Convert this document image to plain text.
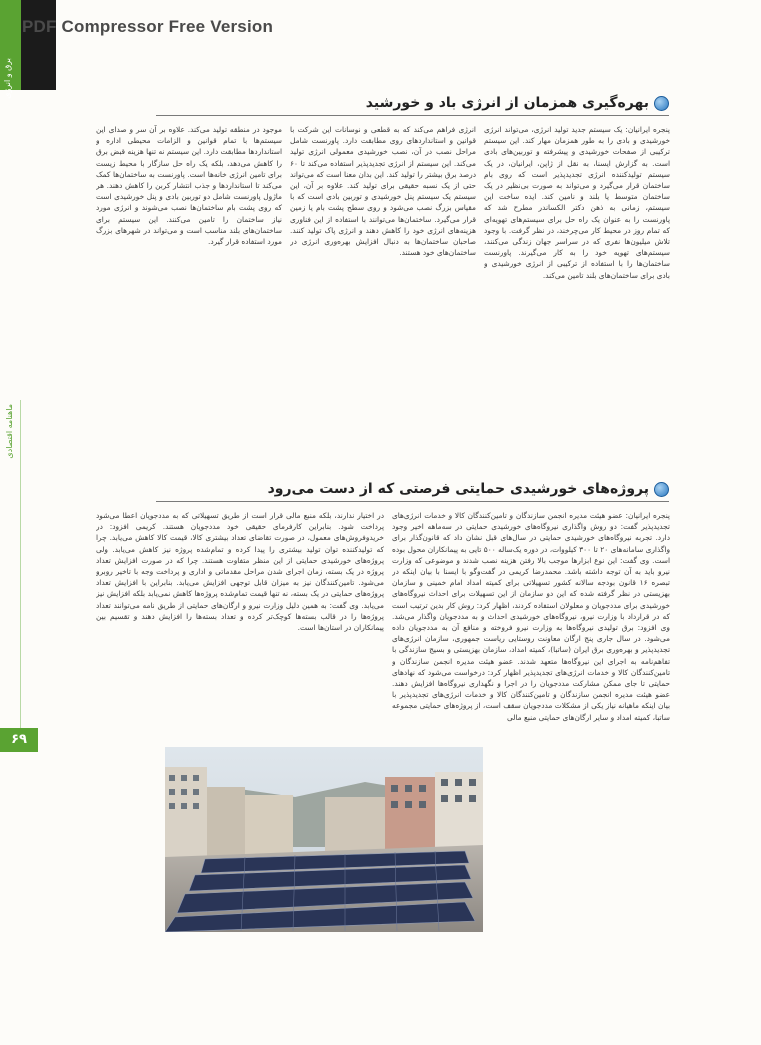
PDF Compressor Free Version

برق و انرژی
ماهنامه اقتصادی
۶۹
بهره‌گیری همزمان از انرژی باد و خورشید

پنجره ایرانیان: یک سیستم جدید تولید انرژی، می‌تواند انرژی خورشیدی و بادی را به طور همزمان مهار کند. این سیستم ترکیبی از صفحات خورشیدی و پیشرفته و توربین‌های بادی است. به گزارش ایسنا، به نقل از ژاپن، ایرانیان، در یک سیستم تولیدکننده انرژی تجدیدپذیر است که روی بام ساختمان قرار می‌گیرد و می‌تواند به صورت بی‌نظیر در یک ساختمان متوسط یا بلند و نامین کند. ایده ساخت این سیستم، زمانی به ذهن دکتر الکساندر مطرح شد که پاورنست را به عنوان یک راه حل برای سیستم‌های تهویه‌ای که تمام روز در محیط کار می‌چرخند، در نظر گرفت. با وجود تلاش میلیون‌ها نفری که در سراسر جهان زندگی می‌کنند، سیستم‌های تهویه خود را به کار می‌گیرند. پاورنست ساختمان‌ها را با استفاده از ترکیبی از انرژی خورشیدی و بادی برای ساختمان‌های بلند تامین می‌کند.

انرژی فراهم می‌کند که به قطعی و نوسانات این شرکت با قوانین و استانداردهای روی مطابقت دارد. پاورنست شامل مراحل نصب در آن، نصب خورشیدی معمولی انرژی تولید می‌کند. این سیستم از انرژی تجدیدپذیر استفاده می‌کند تا ۶۰ درصد برق بیشتر را تولید کند. این بدان معنا است که می‌تواند حتی از یک نسبه حقیقی برای تولید کند. علاوه بر آن، این سیستم یک سیستم پنل خورشیدی و توربین بادی است که با مقیاس بزرگ نصب می‌شود و روی سطح پشت بام یا زمین قرار می‌گیرد. ساختمان‌ها می‌توانند با استفاده از این فناوری هزینه‌های انرژی خود را کاهش دهند و انرژی پاک تولید کنند. صاحبان ساختمان‌ها به دنبال افزایش بهره‌وری انرژی در ساختمان‌های خود هستند.

موجود در منطقه تولید می‌کند. علاوه بر آن سر و صدای این سیستم‌ها با تمام قوانین و الزامات محیطی اداره و استانداردها مطابقت دارد. این سیستم نه تنها هزینه قبض برق را کاهش می‌دهد، بلکه یک راه حل سازگار با محیط زیست برای تامین انرژی خانه‌ها است. پاورنست به ساختمان‌ها کمک می‌کند تا استانداردها و جذب انتشار کربن را کاهش دهند. هر ماژول پاورنست شامل دو توربین بادی و پنل خورشیدی است که روی پشت بام ساختمان‌ها نصب می‌شوند و انرژی مورد نیاز ساختمان را تامین می‌کنند. این سیستم برای ساختمان‌های بلند مناسب است و می‌تواند در شهرهای بزرگ مورد استفاده قرار گیرد.

پروژه‌های خورشیدی حمایتی فرصتی که از دست می‌رود

پنجره ایرانیان: عضو هیئت مدیره انجمن سازندگان و تامین‌کنندگان کالا و خدمات انرژی‌های تجدیدپذیر گفت: دو روش واگذاری نیروگاه‌های خورشیدی حمایتی در سه‌ماهه اخیر وجود دارد. تجربه نیروگاه‌های خورشیدی حمایتی در سال‌های قبل نشان داد که قانون‌گذار برای واگذاری سامانه‌های ۲۰ تا ۳۰۰ کیلووات، در دوره یک‌ساله ۵۰۰ تایی به پیمانکاران محول بوده است. وی گفت: این نوع ابزارها موجب بالا رفتن هزینه نصب شدند و موضوعی که وزارت نیرو باید به آن توجه داشته باشد. محمدرضا کریمی در گفت‌وگو با ایسنا با بیان اینکه در تبصره ۱۶ قانون بودجه سالانه کشور تسهیلاتی برای کمیته امداد امام خمینی و سازمان بهزیستی در نظر گرفته شده که این دو سازمان از این تسهیلات برای احداث نیروگاه‌های خورشیدی برای مددجویان و معلولان استفاده کردند، اظهار کرد: روش کار بدین ترتیب است که در قرارداد با وزارت نیرو، نیروگاه‌های خورشیدی احداث و به مددجویان واگذار می‌شد. وی افزود: برق تولیدی نیروگاه‌ها به وزارت نیرو فروخته و منافع آن به مددجویان داده می‌شود. در سال جاری پنج ارگان معاونت روستایی ریاست جمهوری، سازمان انرژی‌های تجدیدپذیر و بهره‌وری برق ایران (ساتبا)، کمیته امداد، سازمان بهزیستی و بسیج سازندگی با تفاهم‌نامه به اجرای این نیروگاه‌ها متعهد شدند. عضو هیئت مدیره انجمن سازندگان و تامین‌کنندگان کالا و خدمات انرژی‌های تجدیدپذیر اظهار کرد: درخواست می‌شود که نهادهای حمایتی تا جای ممکن مشارکت مددجویان را در اجرا و نگهداری نیروگاه‌ها افزایش دهند. عضو هیئت مدیره انجمن سازندگان و تامین‌کنندگان کالا و خدمات انرژی‌های تجدیدپذیر با بیان اینکه ماهیانه نیاز یکی از مشکلات مددجویان سقف است، از پروژه‌های حمایتی مجموعه ساتبا، کمیته امداد و سایر ارگان‌های حمایتی منبع مالی

در اختیار ندارند، بلکه منبع مالی قرار است از طریق تسهیلاتی که به مددجویان اعطا می‌شود پرداخت شود. بنابراین کارفرمای حقیقی خود مددجویان هستند. کریمی افزود: در خریدوفروش‌های معمول، در صورت تقاضای تعداد بیشتری کالا، قیمت کالا کاهش می‌یابد. چرا که تولیدکننده توان تولید بیشتری را پیدا کرده و تمام‌شده پروژه نیز کاهش می‌یابد. ولی پروژه‌های خورشیدی حمایتی از این منظر متفاوت هستند. چرا که در صورت افزایش تعداد پروژه در یک بسته، زمان اجرای شدن مراحل مقدماتی و اداری و پرداخت وجه با تاخیر روبرو می‌شود. تامین‌کنندگان نیز به میزان قابل توجهی افزایش می‌یابد. بنابراین با افزایش تعداد پروژه‌های حمایتی در یک بسته، نه تنها قیمت تمام‌شده پروژه‌ها کاهش نمی‌یابد بلکه افزایش نیز می‌یابد. وی گفت: به همین دلیل وزارت نیرو و ارگان‌های حمایتی از طریق نامه می‌توانند تعداد پروژه‌ها را در قالب بسته‌ها کوچک‌تر کرده و تعداد بسته‌ها را افزایش دهند و تقسیم بین پیمانکاران در استان‌ها است.
